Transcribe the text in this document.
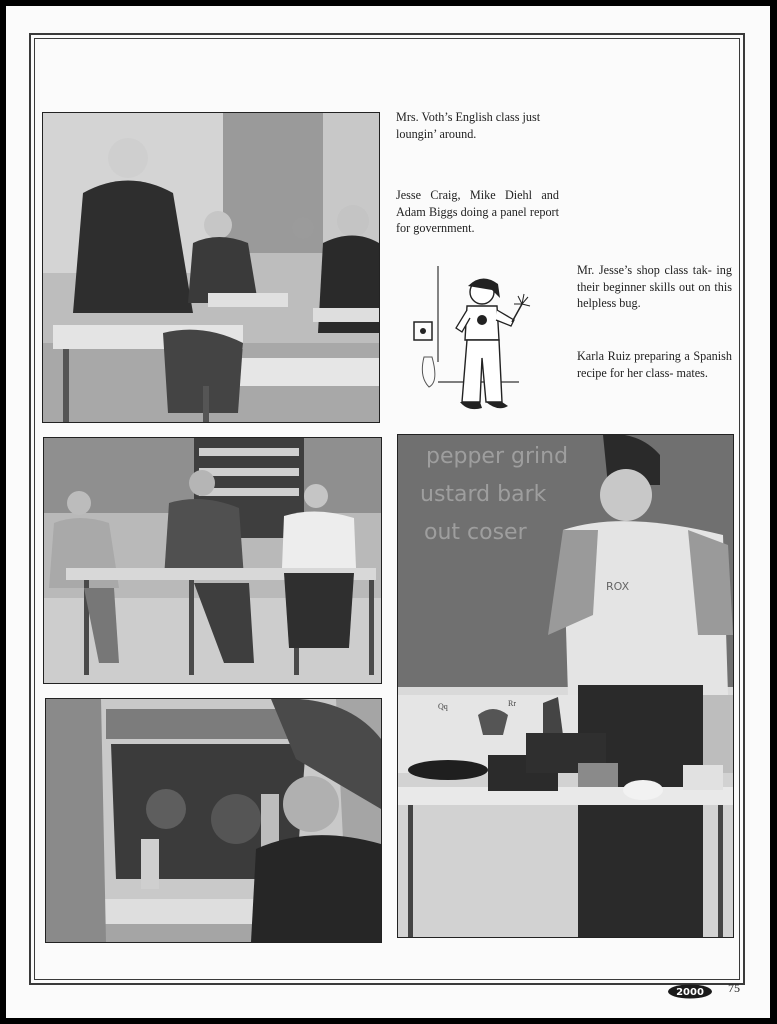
pepper grind
ustard bark
out coser
Qq	Rr
ROX

Mrs. Voth’s English class just loungin’ around.

Jesse Craig, Mike Diehl and Adam Biggs doing a panel report for government.

Mr. Jesse’s shop class tak- ing their beginner skills out on this helpless bug.

Karla Ruiz preparing a Spanish recipe for her class- mates.

2000 75
